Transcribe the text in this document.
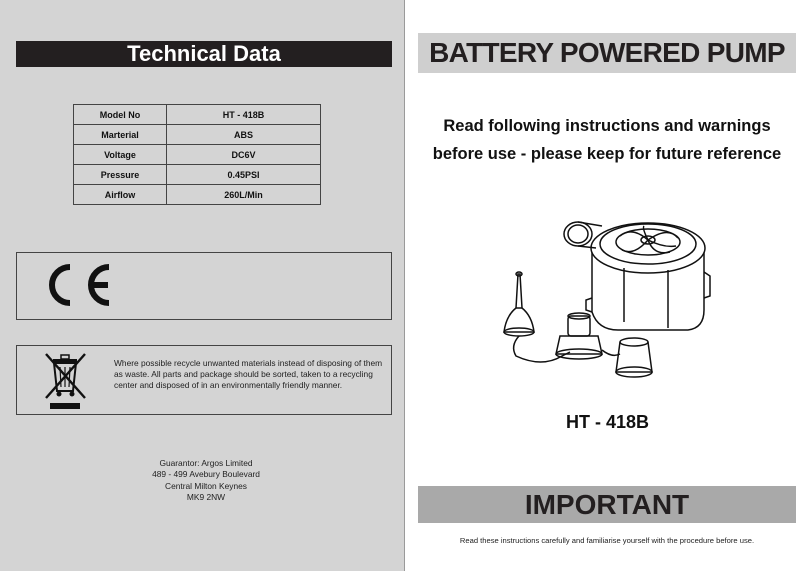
Technical Data
Model No	HT - 418B
Marterial	ABS
Voltage	DC6V
Pressure	0.45PSI
Airflow	260L/Min
Where possible recycle unwanted materials instead of disposing of them as waste. All parts and package should be sorted, taken to a recycling center and disposed of in an environmentally friendly manner.
Guarantor: Argos Limited
489 - 499 Avebury Boulevard
Central Milton Keynes
MK9 2NW
BATTERY POWERED PUMP
Read following instructions and warnings
before use - please keep for future reference
HT - 418B
IMPORTANT
Read these instructions carefully and familiarise yourself with the procedure before use.
